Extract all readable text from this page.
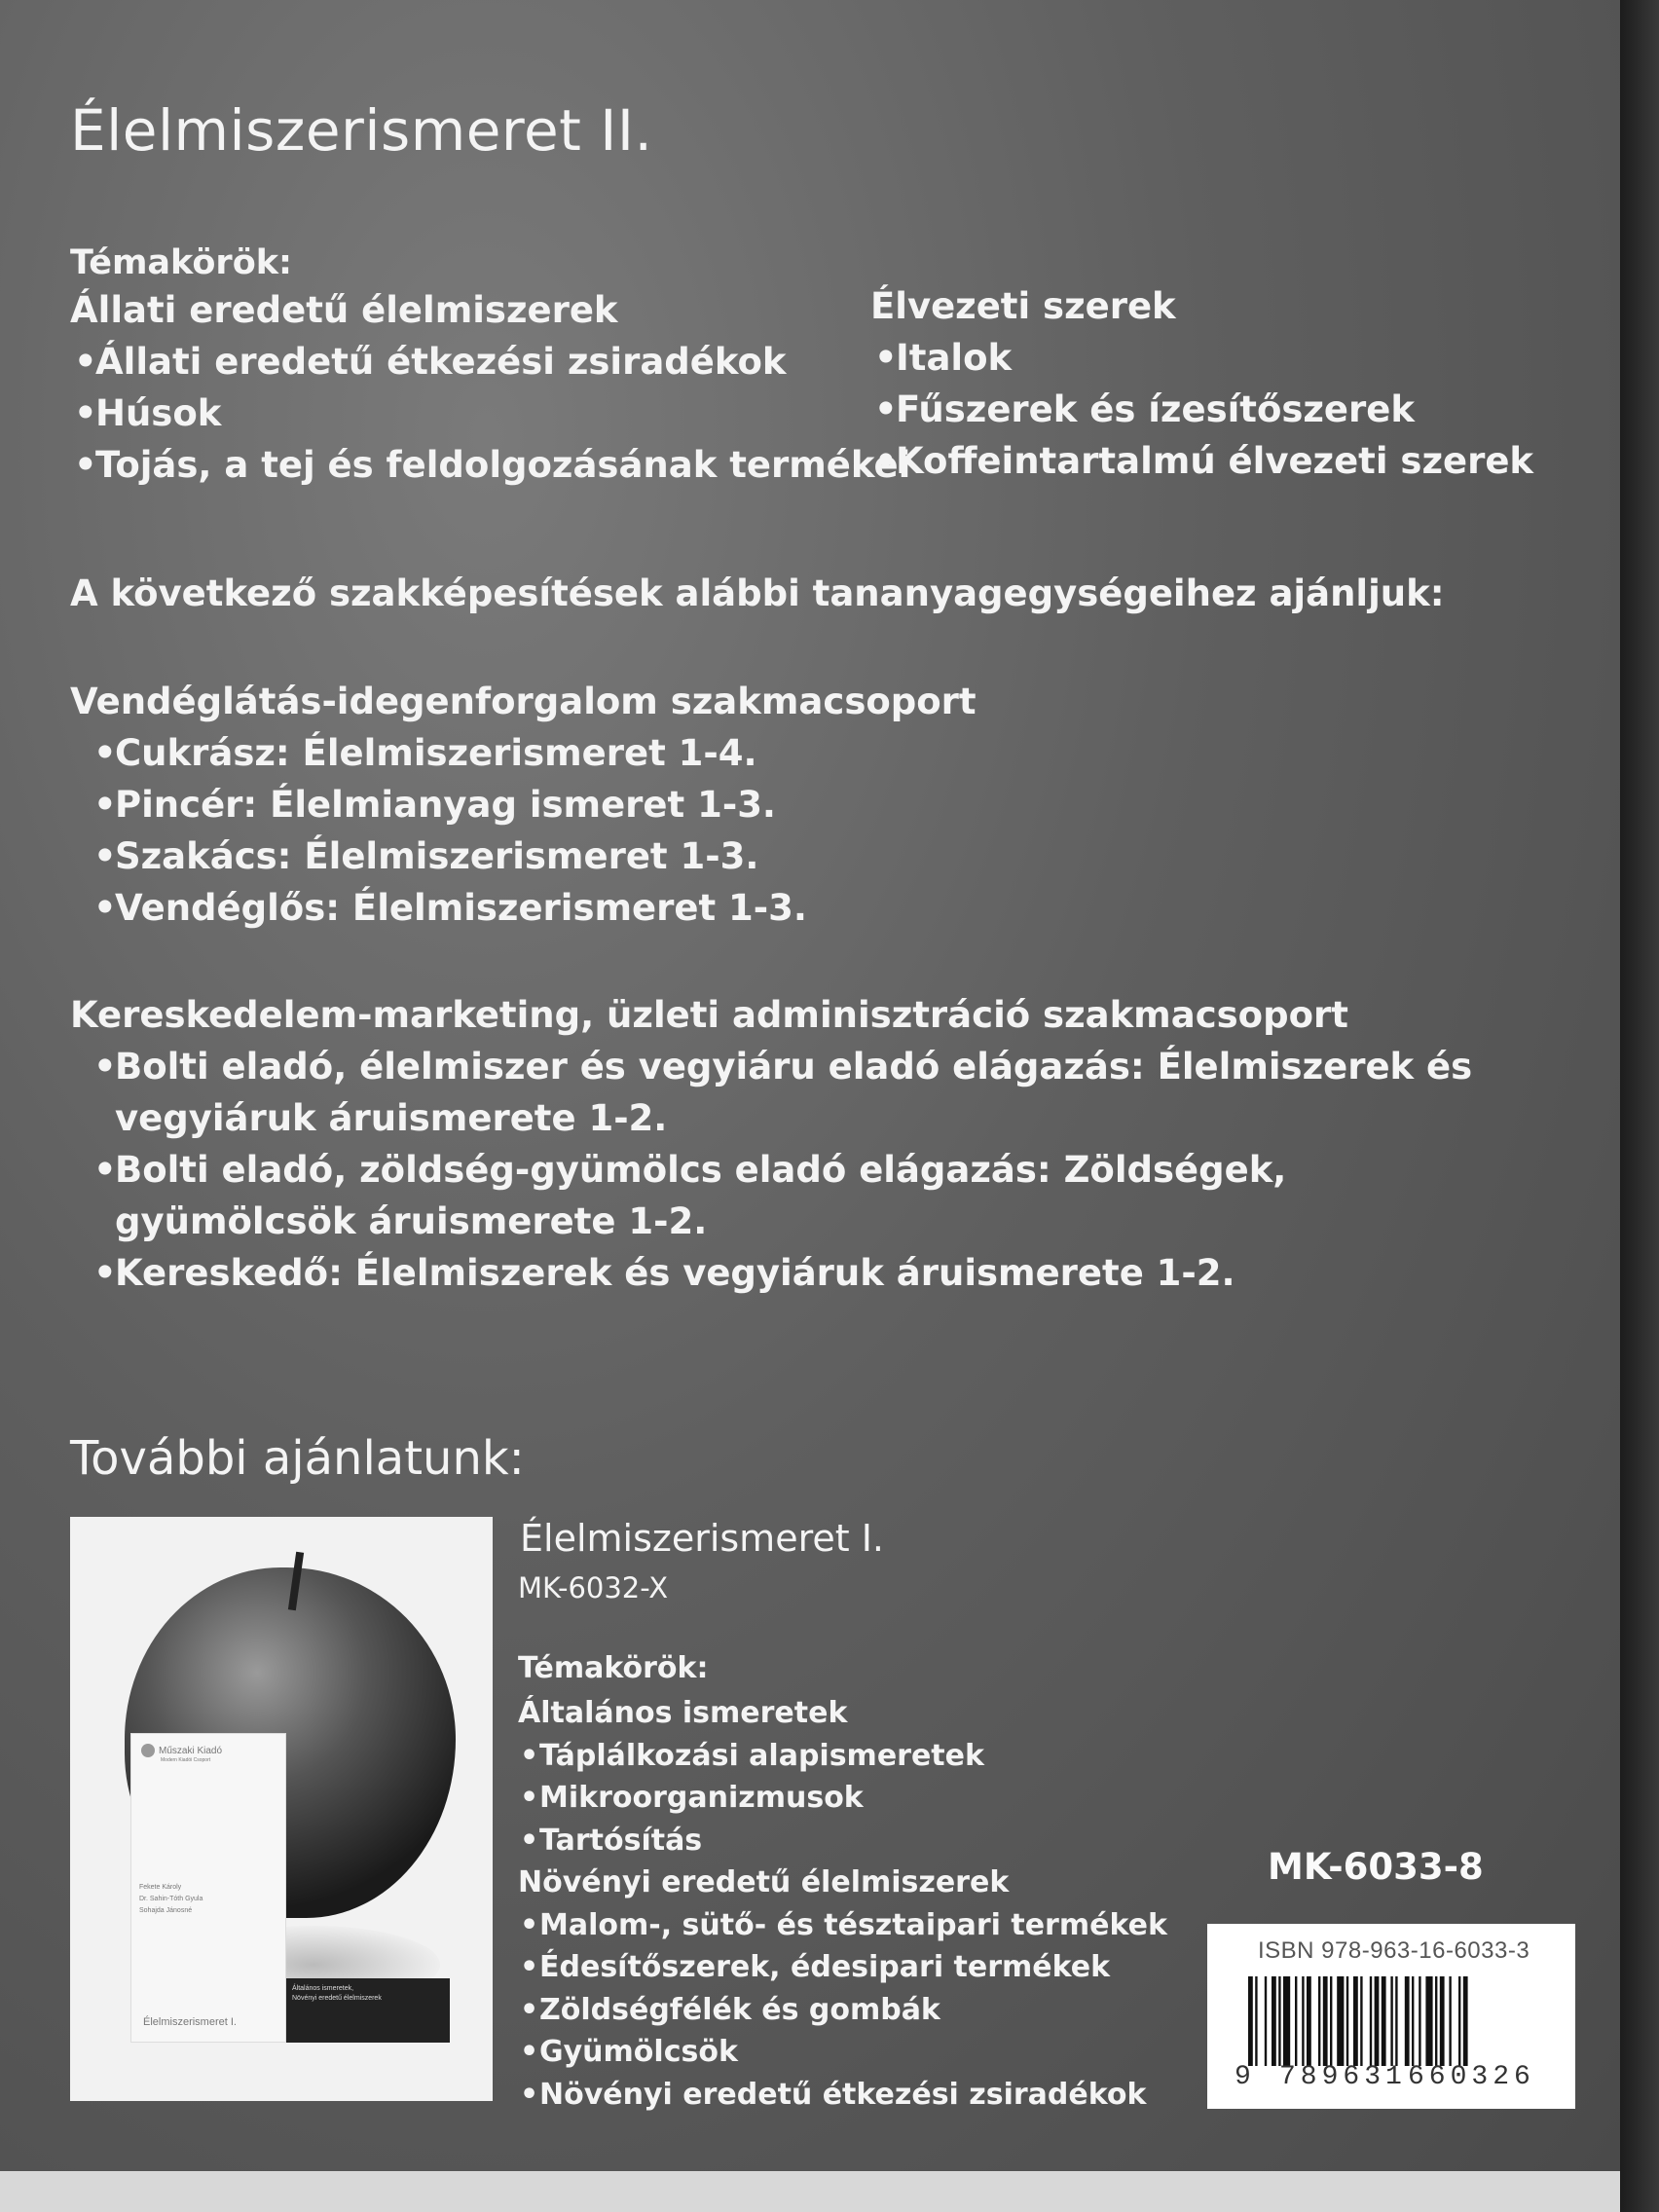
Élelmiszerismeret II.
Témakörök:
Állati eredetű élelmiszerek
• Állati eredetű étkezési zsiradékok
• Húsok
• Tojás, a tej és feldolgozásának termékei
Élvezeti szerek
• Italok
• Fűszerek és ízesítőszerek
• Koffeintartalmú élvezeti szerek
A következő szakképesítések alábbi tananyagegységeihez ajánljuk:
Vendéglátás-idegenforgalom szakmacsoport
• Cukrász: Élelmiszerismeret 1-4.
• Pincér: Élelmianyag ismeret 1-3.
• Szakács: Élelmiszerismeret 1-3.
• Vendéglős: Élelmiszerismeret 1-3.
Kereskedelem-marketing, üzleti adminisztráció szakmacsoport
• Bolti eladó, élelmiszer és vegyiáru eladó elágazás: Élelmiszerek és vegyiáruk áruismerete 1-2.
• Bolti eladó, zöldség-gyümölcs eladó elágazás: Zöldségek, gyümölcsök áruismerete 1-2.
• Kereskedő: Élelmiszerek és vegyiáruk áruismerete 1-2.
További ajánlatunk:
Műszaki Kiadó
Modern Kiadói Csoport
Fekete Károly
Dr. Sahin-Tóth Gyula
Sohajda Jánosné
Élelmiszerismeret I.
Általános ismeretek,
Növényi eredetű élelmiszerek
Élelmiszerismeret I.
MK-6032-X
Témakörök:
Általános ismeretek
• Táplálkozási alapismeretek
• Mikroorganizmusok
• Tartósítás
Növényi eredetű élelmiszerek
• Malom-, sütő- és tésztaipari termékek
• Édesítőszerek, édesipari termékek
• Zöldségfélék és gombák
• Gyümölcsök
• Növényi eredetű étkezési zsiradékok
MK-6033-8
ISBN 978-963-16-6033-3
9 789631 660326
